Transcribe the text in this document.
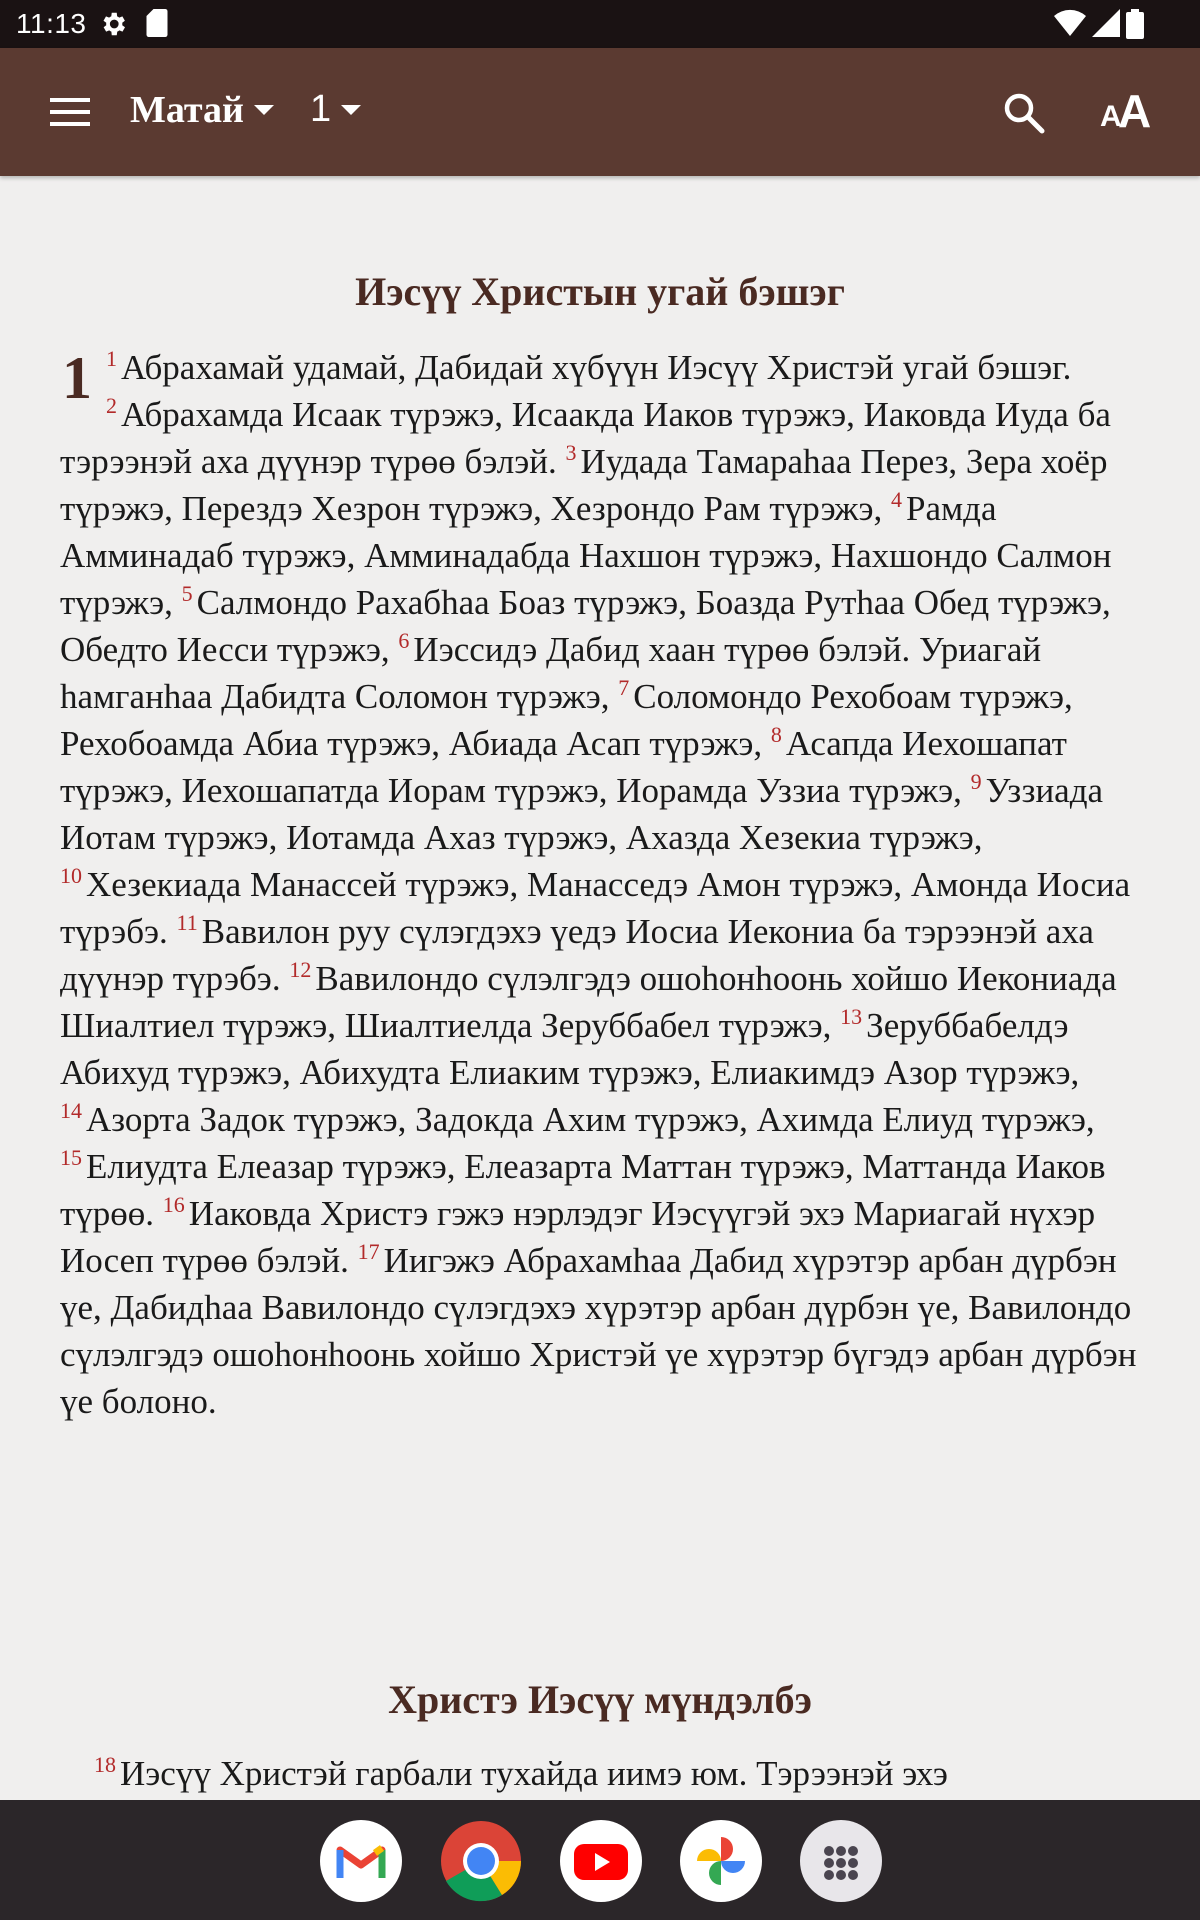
11:13
Матай 1	A
A
Иэсүү Христын угай бэшэг
1 $^1$ Абрахамай удамай, Дабидай хүбүүн Иэсүү Христэй угай бэшэг. $^2$ Абрахамда Исаак түрэжэ, Исаакда Иаков түрэжэ, Иаковда Иуда ба тэрээнэй аха дүүнэр түрөө бэлэй. $^3$ Иудада Тамараhаа Перез, Зера хоёр түрэжэ, Перездэ Хезрон түрэжэ, Хезрондо Рам түрэжэ, $^4$ Рамда Амминадаб түрэжэ, Амминадабда Нахшон түрэжэ, Нахшондо Салмон түрэжэ, $^5$ Салмондо Рахабhаа Боаз түрэжэ, Боазда Рутhаа Обед түрэжэ, Обедто Иесси түрэжэ, $^6$ Иэссидэ Дабид хаан түрөө бэлэй. Уриагай hамганhаа Дабидта Соломон түрэжэ, $^7$ Соломондо Рехобоам түрэжэ, Рехобоамда Абиа түрэжэ, Абиада Асап түрэжэ, $^8$ Асапда Иехошапат түрэжэ, Иехошапатда Иорам түрэжэ, Иорамда Уззиа түрэжэ, $^9$ Уззиада Иотам түрэжэ, Иотамда Ахаз түрэжэ, Ахазда Хезекиа түрэжэ, $^{10}$ Хезекиада Манассей түрэжэ, Манасседэ Амон түрэжэ, Амонда Иосиа түрэбэ. $^{11}$ Вавилон руу сүлэгдэхэ үедэ Иосиа Иекониа ба тэрээнэй аха дүүнэр түрэбэ. $^{12}$ Вавилондо сүлэлгэдэ ошоhонhоонь хойшо Иекониада Шиалтиел түрэжэ, Шиалтиелда Зеруббабел түрэжэ, $^{13}$ Зеруббабелдэ Абихуд түрэжэ, Абихудта Елиаким түрэжэ, Елиакимдэ Азор түрэжэ, $^{14}$ Азорта Задок түрэжэ, Задокда Ахим түрэжэ, Ахимда Елиуд түрэжэ, $^{15}$ Елиудта Елеазар түрэжэ, Елеазарта Маттан түрэжэ, Маттанда Иаков түрөө. $^{16}$ Иаковда Христэ гэжэ нэрлэдэг Иэсүүгэй эхэ Мариагай нүхэр Иосеп түрөө бэлэй. $^{17}$ Иигэжэ Абрахамhаа Дабид хүрэтэр арбан дүрбэн үе, Дабидhаа Вавилондо сүлэгдэхэ хүрэтэр арбан дүрбэн үе, Вавилондо сүлэлгэдэ ошоhонhоонь хойшо Христэй үе хүрэтэр бүгэдэ арбан дүрбэн үе болоно.
Христэ Иэсүү мүндэлбэ
$^{18}$ Иэсүү Христэй гарбали тухайда иимэ юм. Тэрээнэй эхэ
